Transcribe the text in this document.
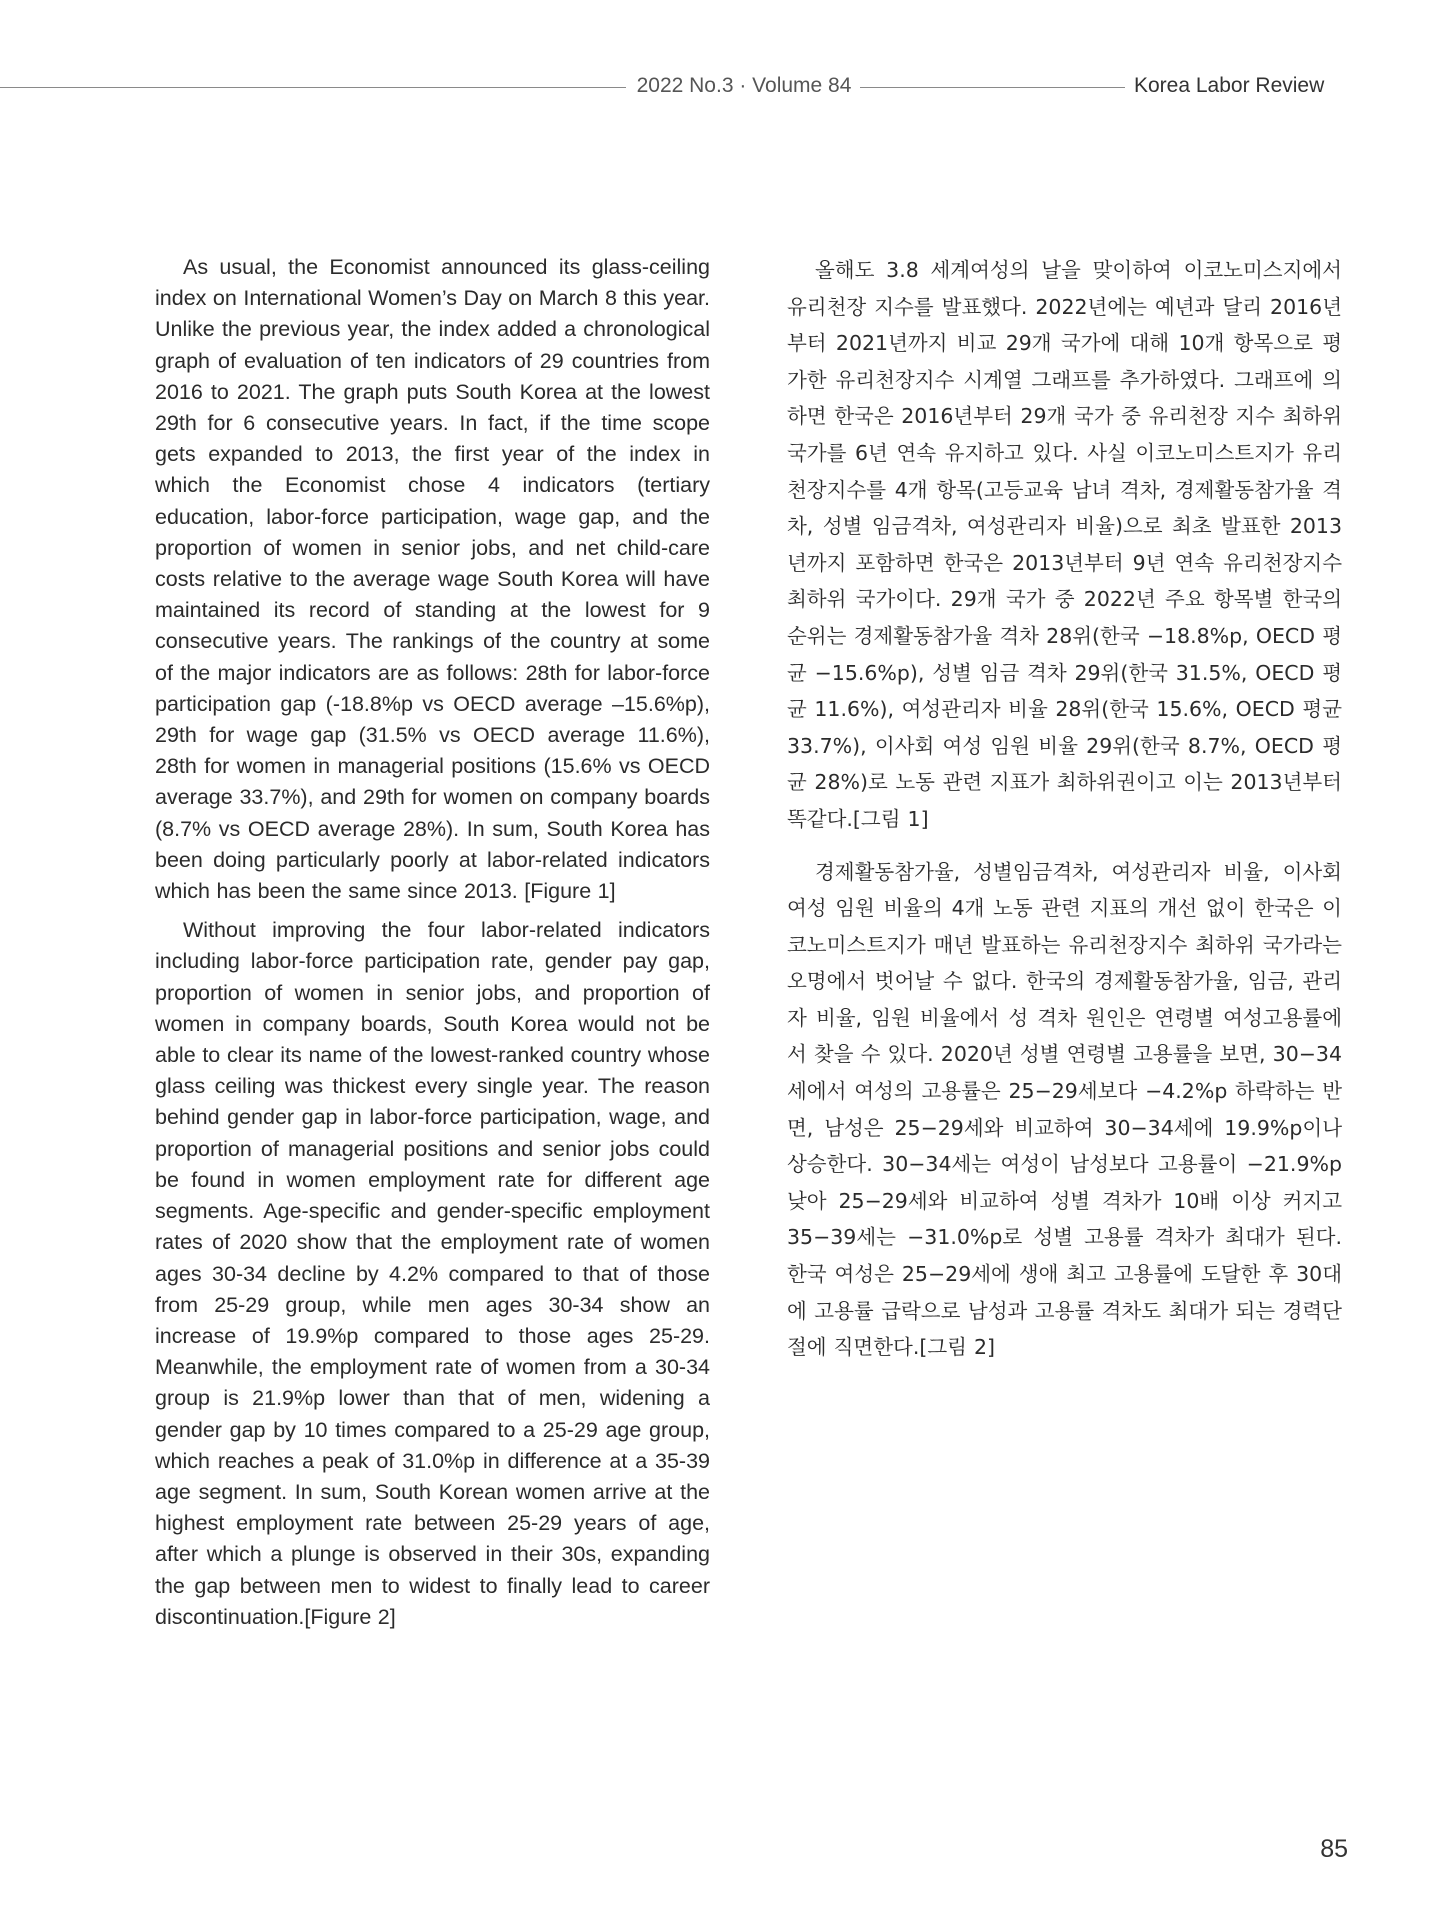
2022 No.3 · Volume 84	Korea Labor Review

As usual, the Economist announced its glass-ceiling index on International Women’s Day on March 8 this year. Unlike the previous year, the index added a chronological graph of evaluation of ten indicators of 29 countries from 2016 to 2021. The graph puts South Korea at the lowest 29th for 6 consecutive years. In fact, if the time scope gets expanded to 2013, the first year of the index in which the Economist chose 4 indicators (tertiary education, labor-force participation, wage gap, and the proportion of women in senior jobs, and net child-care costs relative to the average wage South Korea will have maintained its record of standing at the lowest for 9 consecutive years. The rankings of the country at some of the major indicators are as follows: 28th for labor-force participation gap (-18.8%p vs OECD average –15.6%p), 29th for wage gap (31.5% vs OECD average 11.6%), 28th for women in managerial positions (15.6% vs OECD average 33.7%), and 29th for women on company boards (8.7% vs OECD average 28%). In sum, South Korea has been doing particularly poorly at labor-related indicators which has been the same since 2013. [Figure 1]

Without improving the four labor-related indicators including labor-force participation rate, gender pay gap, proportion of women in senior jobs, and proportion of women in company boards, South Korea would not be able to clear its name of the lowest-ranked country whose glass ceiling was thickest every single year. The reason behind gender gap in labor-force participation, wage, and proportion of managerial positions and senior jobs could be found in women employment rate for different age segments. Age-specific and gender-specific employment rates of 2020 show that the employment rate of women ages 30-34 decline by 4.2% compared to that of those from 25-29 group, while men ages 30-34 show an increase of 19.9%p compared to those ages 25-29. Meanwhile, the employment rate of women from a 30-34 group is 21.9%p lower than that of men, widening a gender gap by 10 times compared to a 25-29 age group, which reaches a peak of 31.0%p in difference at a 35-39 age segment. In sum, South Korean women arrive at the highest employment rate between 25-29 years of age, after which a plunge is observed in their 30s, expanding the gap between men to widest to finally lead to career discontinuation.[Figure 2]

올해도 3.8 세계여성의 날을 맞이하여 이코노미스지에서 유리천장 지수를 발표했다. 2022년에는 예년과 달리 2016년부터 2021년까지 비교 29개 국가에 대해 10개 항목으로 평가한 유리천장지수 시계열 그래프를 추가하였다. 그래프에 의하면 한국은 2016년부터 29개 국가 중 유리천장 지수 최하위 국가를 6년 연속 유지하고 있다. 사실 이코노미스트지가 유리천장지수를 4개 항목(고등교육 남녀 격차, 경제활동참가율 격차, 성별 임금격차, 여성관리자 비율)으로 최초 발표한 2013년까지 포함하면 한국은 2013년부터 9년 연속 유리천장지수 최하위 국가이다. 29개 국가 중 2022년 주요 항목별 한국의 순위는 경제활동참가율 격차 28위(한국 −18.8%p, OECD 평균 −15.6%p), 성별 임금 격차 29위(한국 31.5%, OECD 평균 11.6%), 여성관리자 비율 28위(한국 15.6%, OECD 평균 33.7%), 이사회 여성 임원 비율 29위(한국 8.7%, OECD 평균 28%)로 노동 관련 지표가 최하위권이고 이는 2013년부터 똑같다.[그림 1]

경제활동참가율, 성별임금격차, 여성관리자 비율, 이사회 여성 임원 비율의 4개 노동 관련 지표의 개선 없이 한국은 이코노미스트지가 매년 발표하는 유리천장지수 최하위 국가라는 오명에서 벗어날 수 없다. 한국의 경제활동참가율, 임금, 관리자 비율, 임원 비율에서 성 격차 원인은 연령별 여성고용률에서 찾을 수 있다. 2020년 성별 연령별 고용률을 보면, 30−34세에서 여성의 고용률은 25−29세보다 −4.2%p 하락하는 반면, 남성은 25−29세와 비교하여 30−34세에 19.9%p이나 상승한다. 30−34세는 여성이 남성보다 고용률이 −21.9%p 낮아 25−29세와 비교하여 성별 격차가 10배 이상 커지고 35−39세는 −31.0%p로 성별 고용률 격차가 최대가 된다. 한국 여성은 25−29세에 생애 최고 고용률에 도달한 후 30대에 고용률 급락으로 남성과 고용률 격차도 최대가 되는 경력단절에 직면한다.[그림 2]

85
